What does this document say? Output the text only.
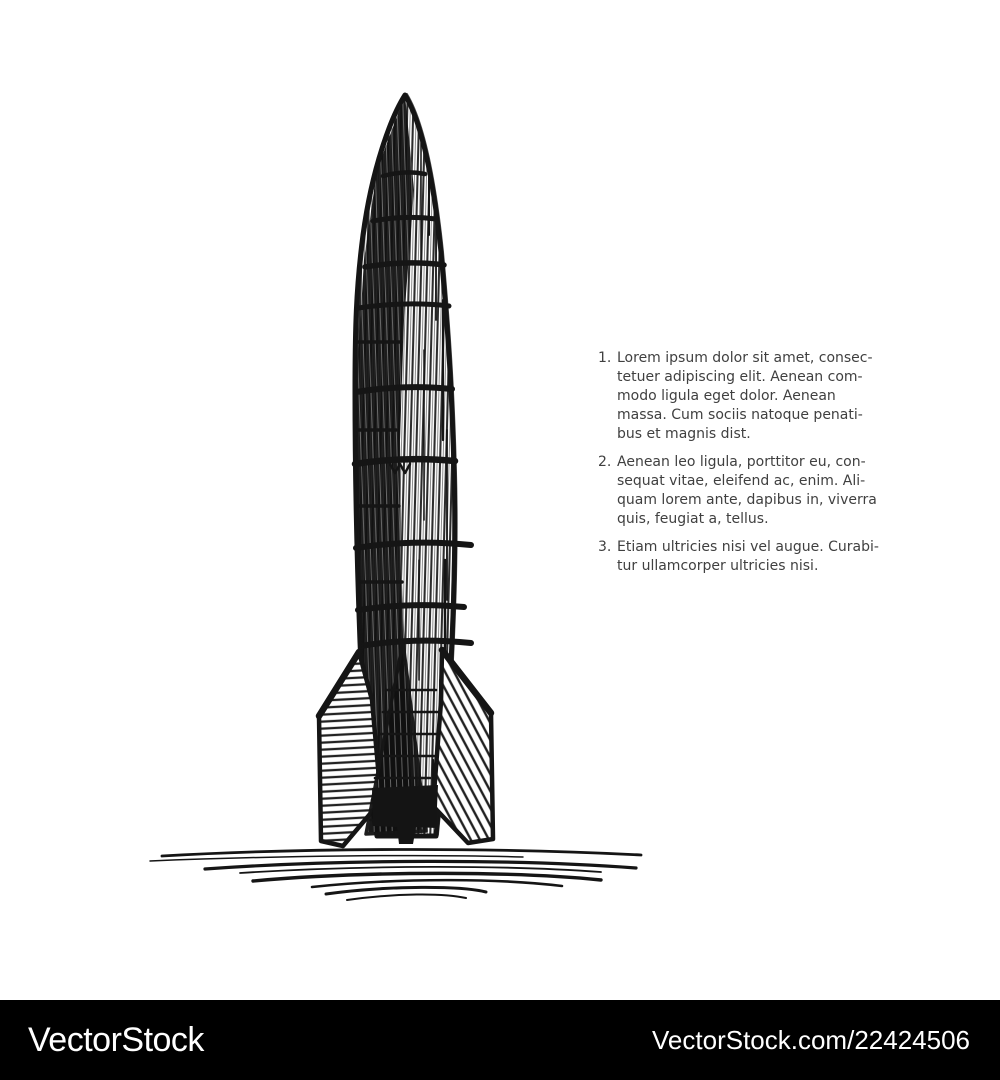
1. Lorem ipsum dolor sit amet, consec-
tetuer adipiscing elit. Aenean com-
modo ligula eget dolor. Aenean
massa. Cum sociis natoque penati-
bus et magnis dist.
2. Aenean leo ligula, porttitor eu, con-
sequat vitae, eleifend ac, enim. Ali-
quam lorem ante, dapibus in, viverra
quis, feugiat a, tellus.
3. Etiam ultricies nisi vel augue. Curabi-
tur ullamcorper ultricies nisi.
VectorStock	VectorStock.com/22424506
